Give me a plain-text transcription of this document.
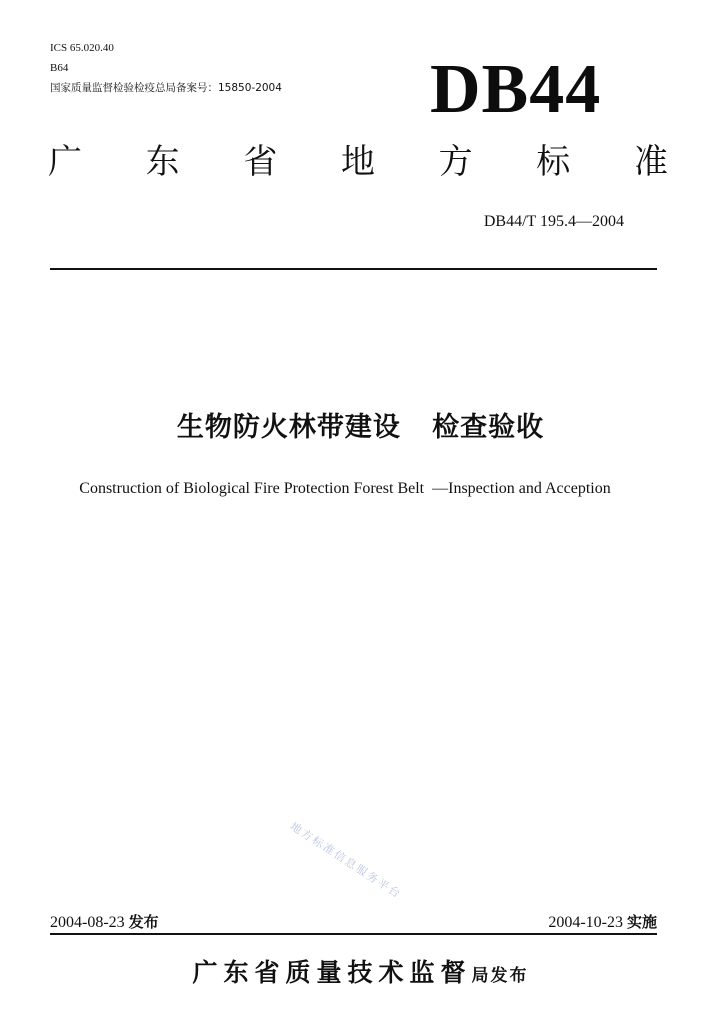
ICS 65.020.40
B64
国家质量监督检验检疫总局备案号：15850-2004 DB44
广 东 省 地 方 标 准
DB44/T 195.4—2004
生物防火林带建设   检查验收
Construction of Biological Fire Protection Forest Belt  —Inspection and Acception
地方标准信息服务平台
2004-08-23 发布	2004-10-23 实施
广东省质量技术监督局发布
